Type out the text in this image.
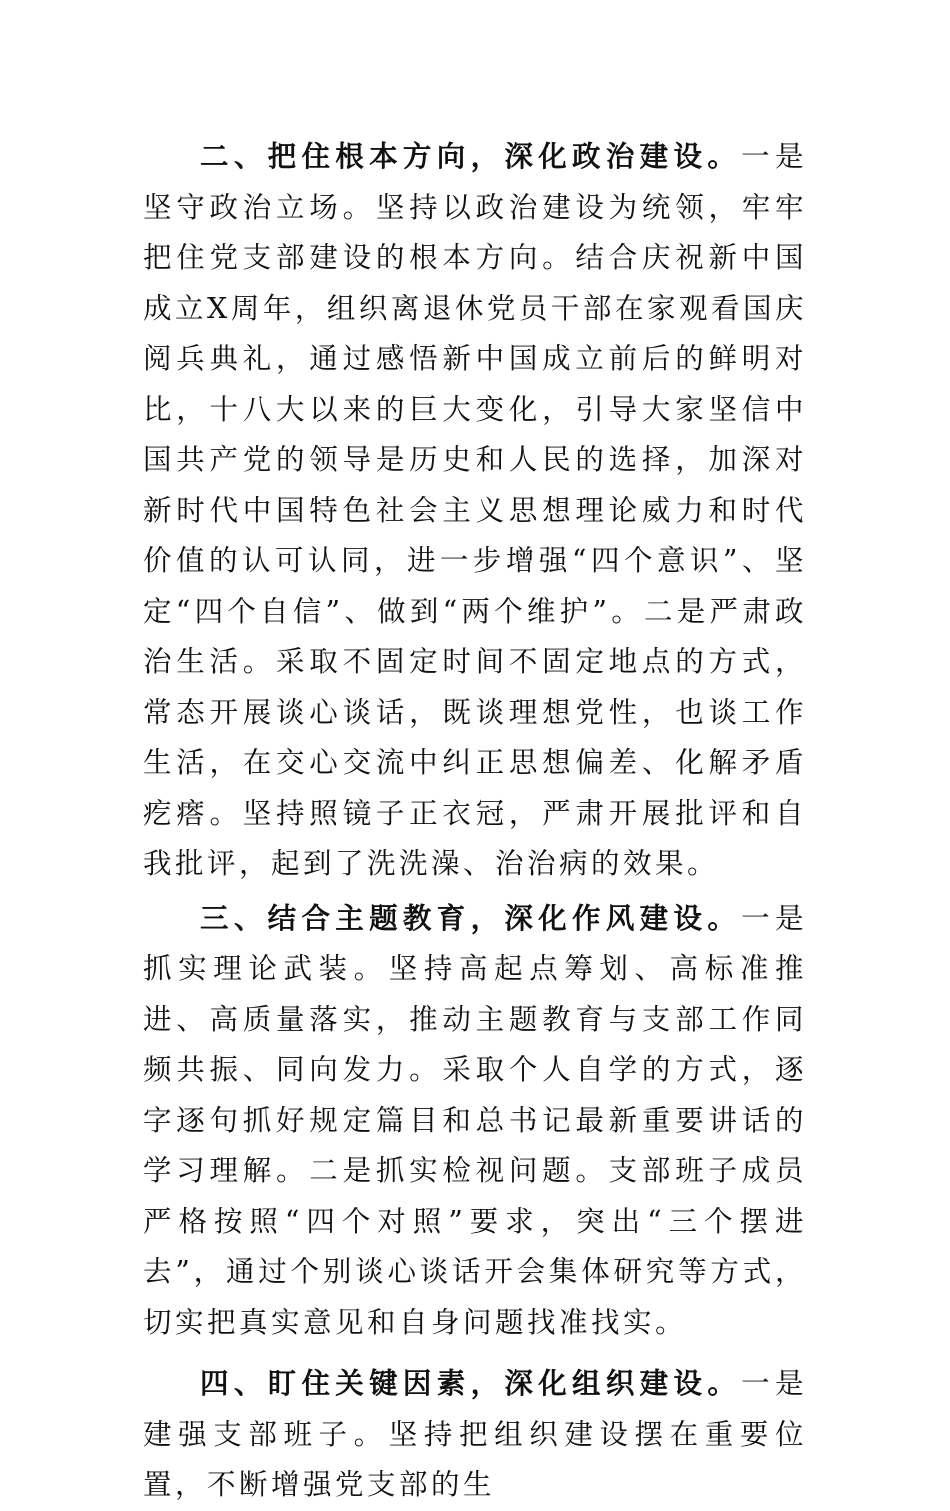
二、把住根本方向，深化政治建设。一是坚守政治立场。坚持以政治建设为统领，牢牢把住党支部建设的根本方向。结合庆祝新中国成立X周年，组织离退休党员干部在家观看国庆阅兵典礼，通过感悟新中国成立前后的鲜明对比，十八大以来的巨大变化，引导大家坚信中国共产党的领导是历史和人民的选择，加深对新时代中国特色社会主义思想理论威力和时代价值的认可认同，进一步增强“四个意识”、坚定“四个自信”、做到“两个维护”。二是严肃政治生活。采取不固定时间不固定地点的方式，常态开展谈心谈话，既谈理想党性，也谈工作生活，在交心交流中纠正思想偏差、化解矛盾疙瘩。坚持照镜子正衣冠，严肃开展批评和自我批评，起到了洗洗澡、治治病的效果。

三、结合主题教育，深化作风建设。一是抓实理论武装。坚持高起点筹划、高标准推进、高质量落实，推动主题教育与支部工作同频共振、同向发力。采取个人自学的方式，逐字逐句抓好规定篇目和总书记最新重要讲话的学习理解。二是抓实检视问题。支部班子成员严格按照“四个对照”要求，突出“三个摆进去”，通过个别谈心谈话开会集体研究等方式，切实把真实意见和自身问题找准找实。

四、盯住关键因素，深化组织建设。一是建强支部班子。坚持把组织建设摆在重要位置，不断增强党支部的生
